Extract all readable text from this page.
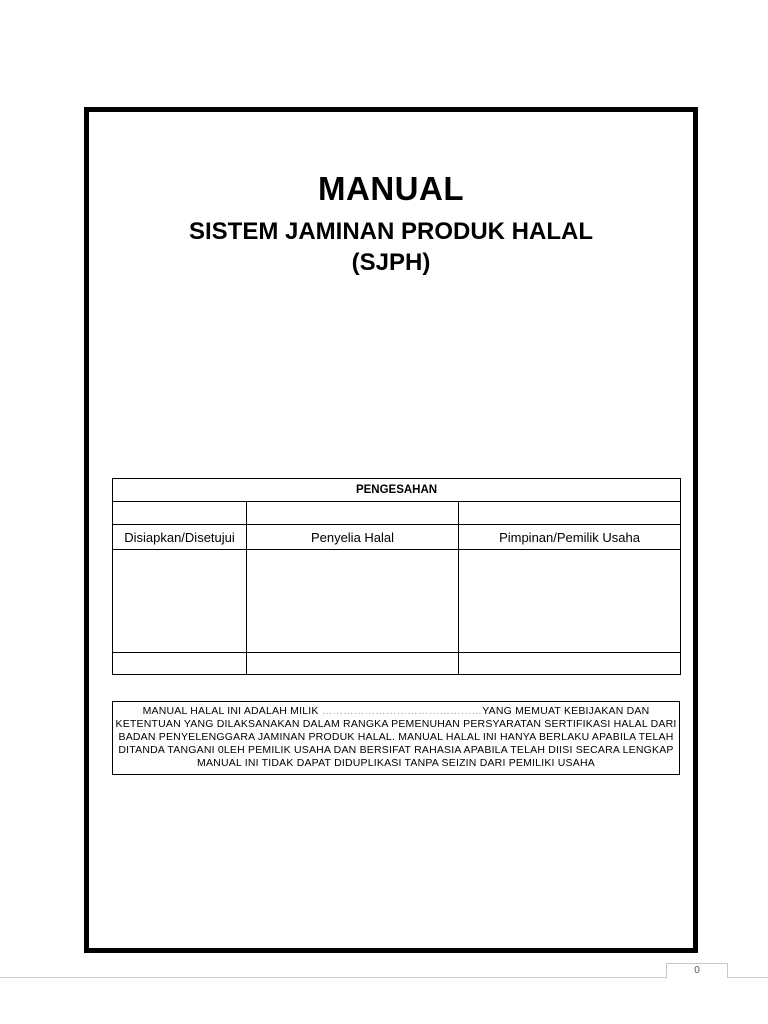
MANUAL
SISTEM JAMINAN PRODUK HALAL
(SJPH)
PENGESAHAN		

Disiapkan/Disetujui	Penyelia Halal	Pimpinan/Pemilik Usaha

MANUAL HALAL INI ADALAH MILIK ………………………………………YANG MEMUAT KEBIJAKAN DAN KETENTUAN YANG DILAKSANAKAN DALAM RANGKA PEMENUHAN PERSYARATAN SERTIFIKASI HALAL DARI BADAN PENYELENGGARA JAMINAN PRODUK HALAL. MANUAL HALAL INI HANYA BERLAKU APABILA TELAH DITANDA TANGANI 0LEH PEMILIK USAHA DAN BERSIFAT RAHASIA APABILA TELAH DIISI SECARA LENGKAP MANUAL INI TIDAK DAPAT DIDUPLIKASI TANPA SEIZIN DARI PEMILIKI USAHA
0
